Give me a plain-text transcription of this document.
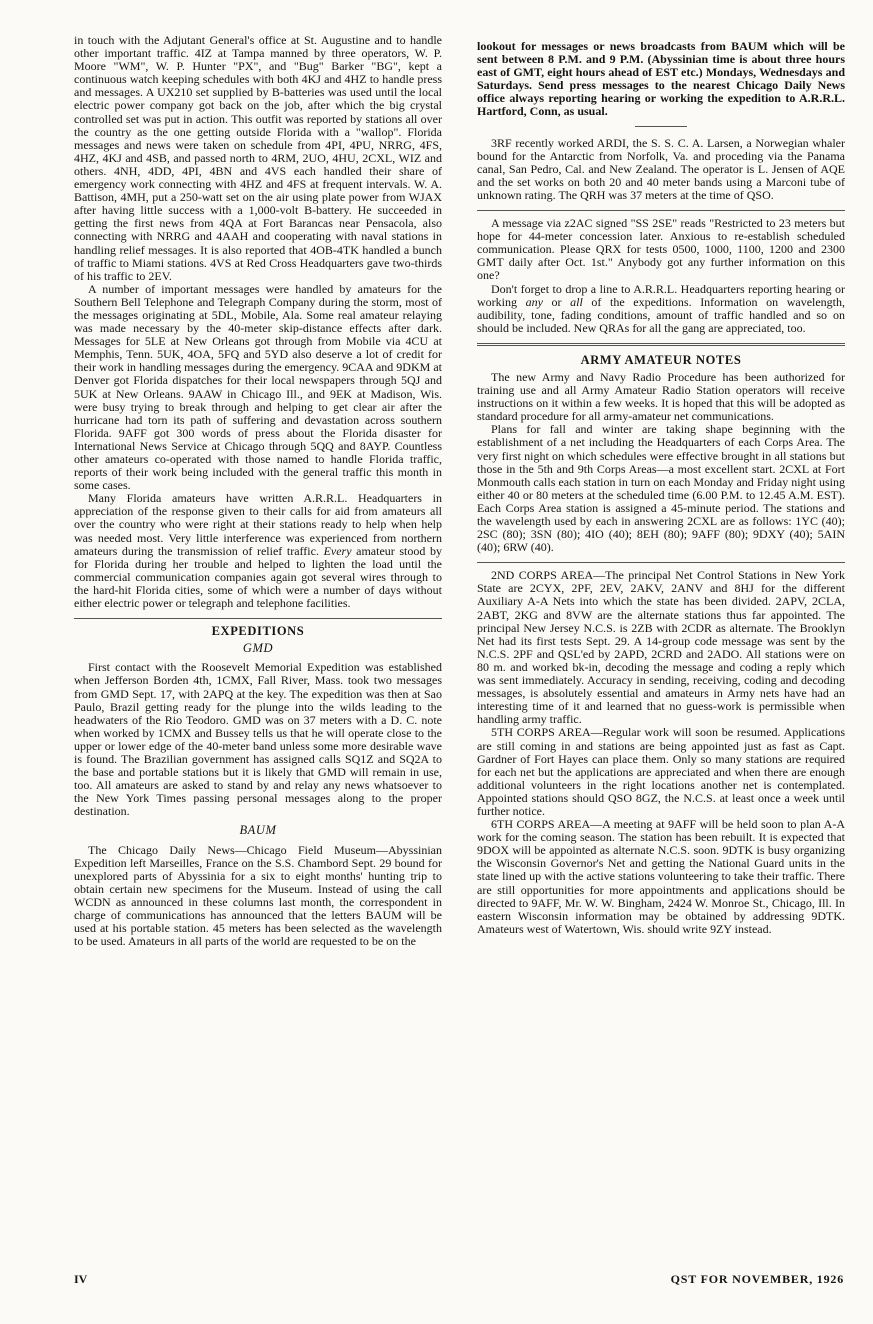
in touch with the Adjutant General's office at St. Augustine and to handle other important traffic. 4IZ at Tampa manned by three operators, W. P. Moore "WM", W. P. Hunter "PX", and "Bug" Barker "BG", kept a continuous watch keeping schedules with both 4KJ and 4HZ to handle press and messages. A UX210 set supplied by B-batteries was used until the local electric power company got back on the job, after which the big crystal controlled set was put in action. This outfit was reported by stations all over the country as the one getting outside Florida with a "wallop". Florida messages and news were taken on schedule from 4PI, 4PU, NRRG, 4FS, 4HZ, 4KJ and 4SB, and passed north to 4RM, 2UO, 4HU, 2CXL, WIZ and others. 4NH, 4DD, 4PI, 4BN and 4VS each handled their share of emergency work connecting with 4HZ and 4FS at frequent intervals. W. A. Battison, 4MH, put a 250-watt set on the air using plate power from WJAX after having little success with a 1,000-volt B-battery. He succeeded in getting the first news from 4QA at Fort Barancas near Pensacola, also connecting with NRRG and 4AAH and cooperating with naval stations in handling relief messages. It is also reported that 4OB-4TK handled a bunch of traffic to Miami stations. 4VS at Red Cross Headquarters gave two-thirds of his traffic to 2EV.

A number of important messages were handled by amateurs for the Southern Bell Telephone and Telegraph Company during the storm, most of the messages originating at 5DL, Mobile, Ala. Some real amateur relaying was made necessary by the 40-meter skip-distance effects after dark. Messages for 5LE at New Orleans got through from Mobile via 4CU at Memphis, Tenn. 5UK, 4OA, 5FQ and 5YD also deserve a lot of credit for their work in handling messages during the emergency. 9CAA and 9DKM at Denver got Florida dispatches for their local newspapers through 5QJ and 5UK at New Orleans. 9AAW in Chicago Ill., and 9EK at Madison, Wis. were busy trying to break through and helping to get clear air after the hurricane had torn its path of suffering and devastation across southern Florida. 9AFF got 300 words of press about the Florida disaster for International News Service at Chicago through 5QQ and 8AYP. Countless other amateurs co-operated with those named to handle Florida traffic, reports of their work being included with the general traffic this month in some cases.

Many Florida amateurs have written A.R.R.L. Headquarters in appreciation of the response given to their calls for aid from amateurs all over the country who were right at their stations ready to help when help was needed most. Very little interference was experienced from northern amateurs during the transmission of relief traffic. Every amateur stood by for Florida during her trouble and helped to lighten the load until the commercial communication companies again got several wires through to the hard-hit Florida cities, some of which were a number of days without either electric power or telegraph and telephone facilities.

EXPEDITIONS
GMD

First contact with the Roosevelt Memorial Expedition was established when Jefferson Borden 4th, 1CMX, Fall River, Mass. took two messages from GMD Sept. 17, with 2APQ at the key. The expedition was then at Sao Paulo, Brazil getting ready for the plunge into the wilds leading to the headwaters of the Rio Teodoro. GMD was on 37 meters with a D. C. note when worked by 1CMX and Bussey tells us that he will operate close to the upper or lower edge of the 40-meter band unless some more desirable wave is found. The Brazilian government has assigned calls SQ1Z and SQ2A to the base and portable stations but it is likely that GMD will remain in use, too. All amateurs are asked to stand by and relay any news whatsoever to the New York Times passing personal messages along to the proper destination.

BAUM

The Chicago Daily News—Chicago Field Museum—Abyssinian Expedition left Marseilles, France on the S.S. Chambord Sept. 29 bound for unexplored parts of Abyssinia for a six to eight months' hunting trip to obtain certain new specimens for the Museum. Instead of using the call WCDN as announced in these columns last month, the correspondent in charge of communications has announced that the letters BAUM will be used at his portable station. 45 meters has been selected as the wavelength to be used. Amateurs in all parts of the world are requested to be on the

lookout for messages or news broadcasts from BAUM which will be sent between 8 P.M. and 9 P.M. (Abyssinian time is about three hours east of GMT, eight hours ahead of EST etc.) Mondays, Wednesdays and Saturdays. Send press messages to the nearest Chicago Daily News office always reporting hearing or working the expedition to A.R.R.L. Hartford, Conn, as usual.

3RF recently worked ARDI, the S. S. C. A. Larsen, a Norwegian whaler bound for the Antarctic from Norfolk, Va. and proceding via the Panama canal, San Pedro, Cal. and New Zealand. The operator is L. Jensen of AQE and the set works on both 20 and 40 meter bands using a Marconi tube of unknown rating. The QRH was 37 meters at the time of QSO.

A message via z2AC signed "SS 2SE" reads "Restricted to 23 meters but hope for 44-meter concession later. Anxious to re-establish scheduled communication. Please QRX for tests 0500, 1000, 1100, 1200 and 2300 GMT daily after Oct. 1st." Anybody got any further information on this one?

Don't forget to drop a line to A.R.R.L. Headquarters reporting hearing or working any or all of the expeditions. Information on wavelength, audibility, tone, fading conditions, amount of traffic handled and so on should be included. New QRAs for all the gang are appreciated, too.

ARMY AMATEUR NOTES

The new Army and Navy Radio Procedure has been authorized for training use and all Army Amateur Radio Station operators will receive instructions on it within a few weeks. It is hoped that this will be adopted as standard procedure for all army-amateur net communications.

Plans for fall and winter are taking shape beginning with the establishment of a net including the Headquarters of each Corps Area. The very first night on which schedules were effective brought in all stations but those in the 5th and 9th Corps Areas—a most excellent start. 2CXL at Fort Monmouth calls each station in turn on each Monday and Friday night using either 40 or 80 meters at the scheduled time (6.00 P.M. to 12.45 A.M. EST). Each Corps Area station is assigned a 45-minute period. The stations and the wavelength used by each in answering 2CXL are as follows: 1YC (40); 2SC (80); 3SN (80); 4IO (40); 8EH (80); 9AFF (80); 9DXY (40); 5AIN (40); 6RW (40).

2ND CORPS AREA—The principal Net Control Stations in New York State are 2CYX, 2PF, 2EV, 2AKV, 2ANV and 8HJ for the different Auxiliary A-A Nets into which the state has been divided. 2APV, 2CLA, 2ABT, 2KG and 8VW are the alternate stations thus far appointed. The principal New Jersey N.C.S. is 2ZB with 2CDR as alternate. The Brooklyn Net had its first tests Sept. 29. A 14-group code message was sent by the N.C.S. 2PF and QSL'ed by 2APD, 2CRD and 2ADO. All stations were on 80 m. and worked bk-in, decoding the message and coding a reply which was sent immediately. Accuracy in sending, receiving, coding and decoding messages, is absolutely essential and amateurs in Army nets have had an interesting time of it and learned that no guess-work is permissible when handling army traffic.

5TH CORPS AREA—Regular work will soon be resumed. Applications are still coming in and stations are being appointed just as fast as Capt. Gardner of Fort Hayes can place them. Only so many stations are required for each net but the applications are appreciated and when there are enough additional volunteers in the right locations another net is contemplated. Appointed stations should QSO 8GZ, the N.C.S. at least once a week until further notice.

6TH CORPS AREA—A meeting at 9AFF will be held soon to plan A-A work for the coming season. The station has been rebuilt. It is expected that 9DOX will be appointed as alternate N.C.S. soon. 9DTK is busy organizing the Wisconsin Governor's Net and getting the National Guard units in the state lined up with the active stations volunteering to take their traffic. There are still opportunities for more appointments and applications should be directed to 9AFF, Mr. W. W. Bingham, 2424 W. Monroe St., Chicago, Ill. In eastern Wisconsin information may be obtained by addressing 9DTK. Amateurs west of Watertown, Wis. should write 9ZY instead.

IV	QST FOR NOVEMBER, 1926
